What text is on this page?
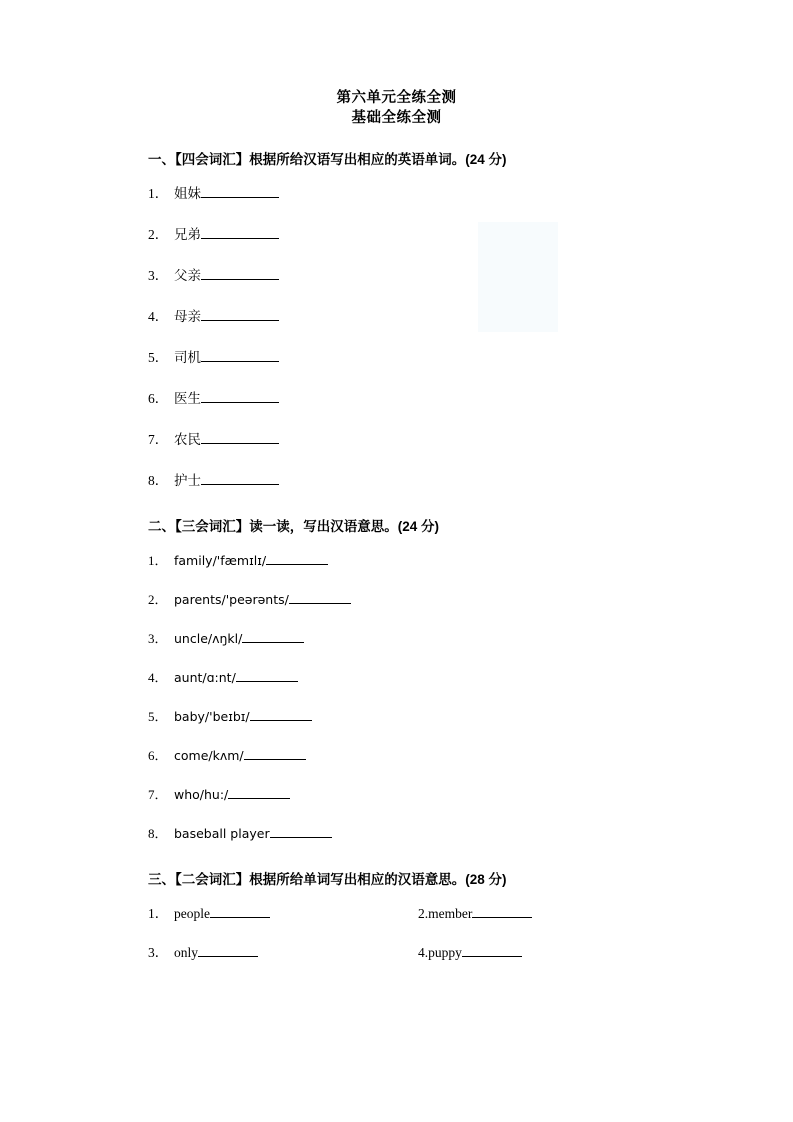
第六单元全练全测
基础全练全测
一、【四会词汇】根据所给汉语写出相应的英语单词。(24 分)
1． 姐妹
2． 兄弟
3． 父亲
4． 母亲
5． 司机
6． 医生
7． 农民
8． 护士
二、【三会词汇】读一读，写出汉语意思。(24 分)
1． family/'fæmɪlɪ/
2． parents/'peərənts/
3． uncle/ʌŋkl/
4． aunt/ɑ:nt/
5． baby/'beɪbɪ/
6． come/kʌm/
7． who/hu:/
8． baseball player
三、【二会词汇】根据所给单词写出相应的汉语意思。(28 分)
1． people	2.member
3． only	4.puppy
